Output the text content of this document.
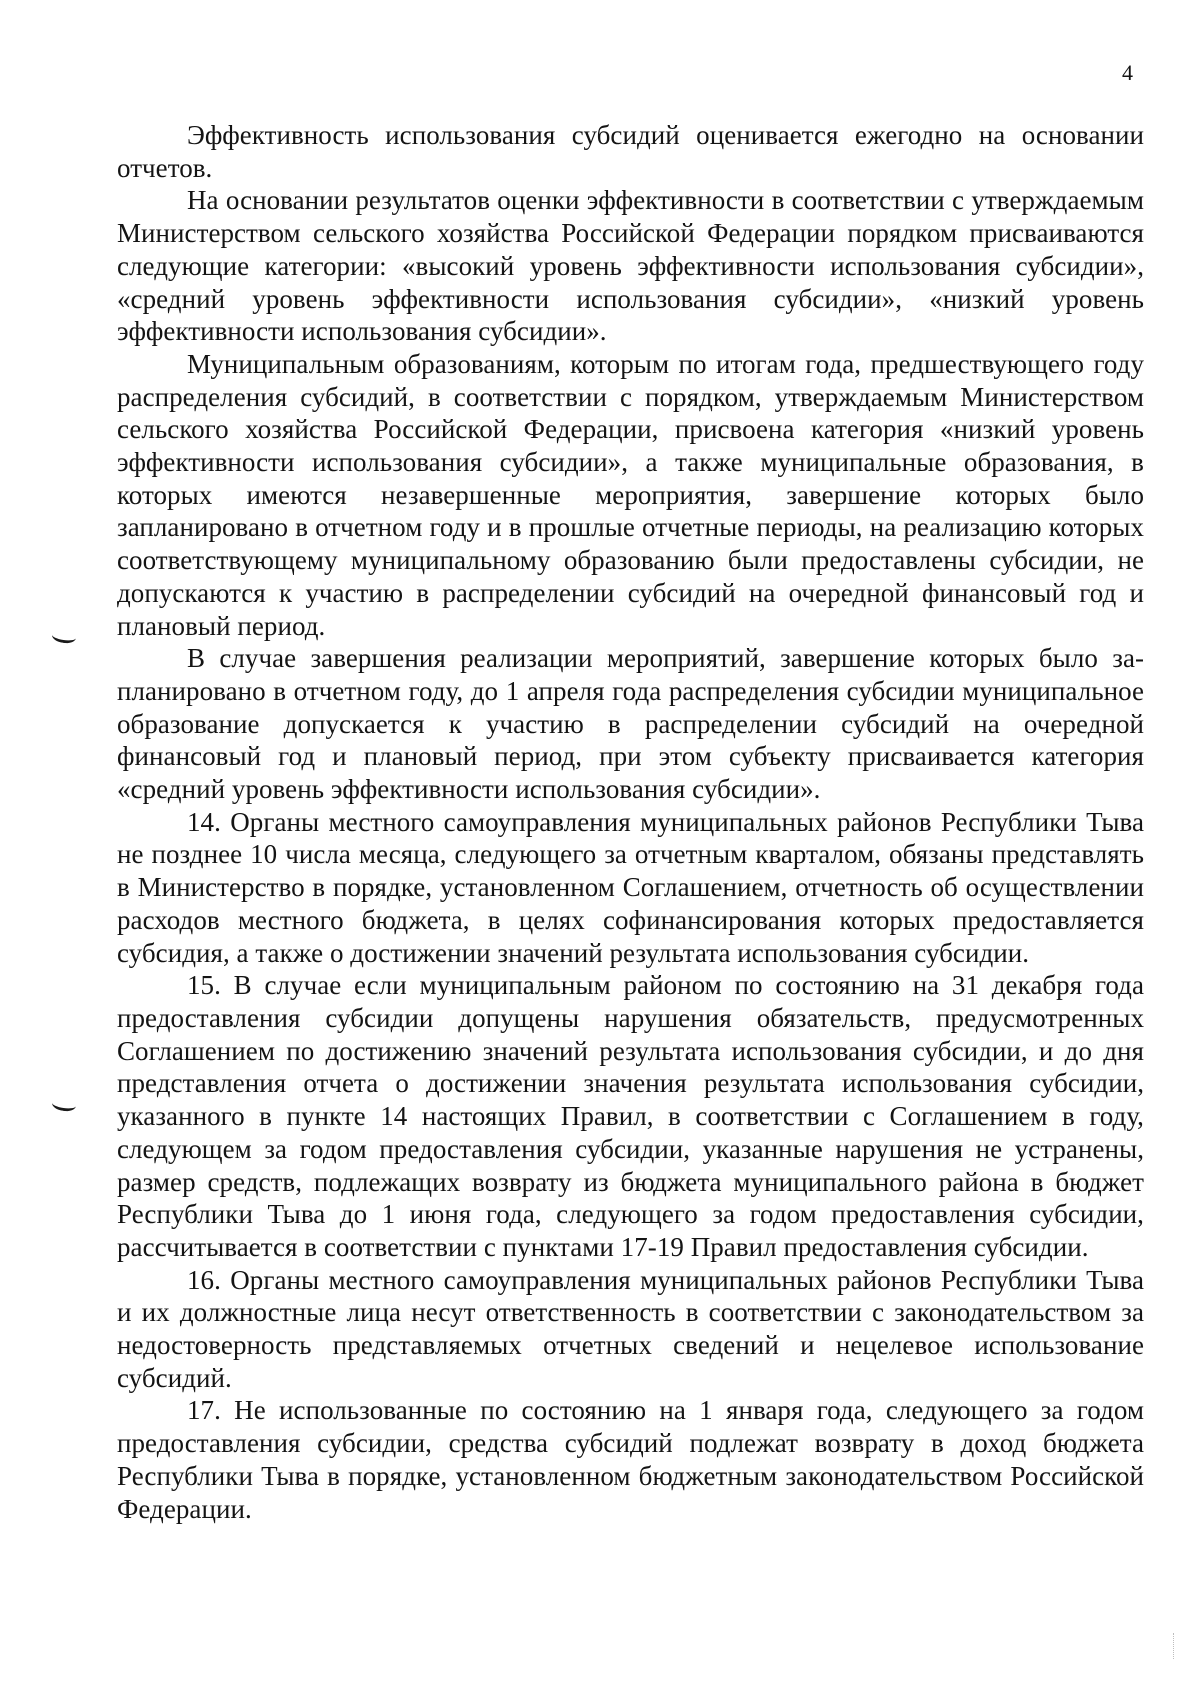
4

Эффективность использования субсидий оценивается ежегодно на основании отчетов.

На основании результатов оценки эффективности в соответствии с утверждаемым Министерством сельского хозяйства Российской Федерации порядком присваиваются следующие категории: «высокий уровень эффективности использования субсидии», «средний уровень эффективности использования субсидии», «низкий уровень эффективности использования субсидии».

Муниципальным образованиям, которым по итогам года, предшествующего году распределения субсидий, в соответствии с порядком, утверждаемым Министерством сельского хозяйства Российской Федерации, присвоена категория «низкий уровень эффективности использования субсидии», а также муниципальные образования, в которых имеются незавершенные мероприятия, завершение которых было запланировано в отчетном году и в прошлые отчетные периоды, на реализацию которых соответствующему муниципальному образованию были предоставлены субсидии, не допускаются к участию в распределении субсидий на очередной финансовый год и плановый период.

В случае завершения реализации мероприятий, завершение которых было запланировано в отчетном году, до 1 апреля года распределения субсидии муниципальное образование допускается к участию в распределении субсидий на очередной финансовый год и плановый период, при этом субъекту присваивается категория «средний уровень эффективности использования субсидии».

14. Органы местного самоуправления муниципальных районов Республики Тыва не позднее 10 числа месяца, следующего за отчетным кварталом, обязаны представлять в Министерство в порядке, установленном Соглашением, отчетность об осуществлении расходов местного бюджета, в целях софинансирования которых предоставляется субсидия, а также о достижении значений результата использования субсидии.

15. В случае если муниципальным районом по состоянию на 31 декабря года предоставления субсидии допущены нарушения обязательств, предусмотренных Соглашением по достижению значений результата использования субсидии, и до дня представления отчета о достижении значения результата использования субсидии, указанного в пункте 14 настоящих Правил, в соответствии с Соглашением в году, следующем за годом предоставления субсидии, указанные нарушения не устранены, размер средств, подлежащих возврату из бюджета муниципального района в бюджет Республики Тыва до 1 июня года, следующего за годом предоставления субсидии, рассчитывается в соответствии с пунктами 17-19 Правил предоставления субсидии.

16. Органы местного самоуправления муниципальных районов Республики Тыва и их должностные лица несут ответственность в соответствии с законодательством за недостоверность представляемых отчетных сведений и нецелевое использование субсидий.

17. Не использованные по состоянию на 1 января года, следующего за годом предоставления субсидии, средства субсидий подлежат возврату в доход бюджета Республики Тыва в порядке, установленном бюджетным законодательством Российской Федерации.
